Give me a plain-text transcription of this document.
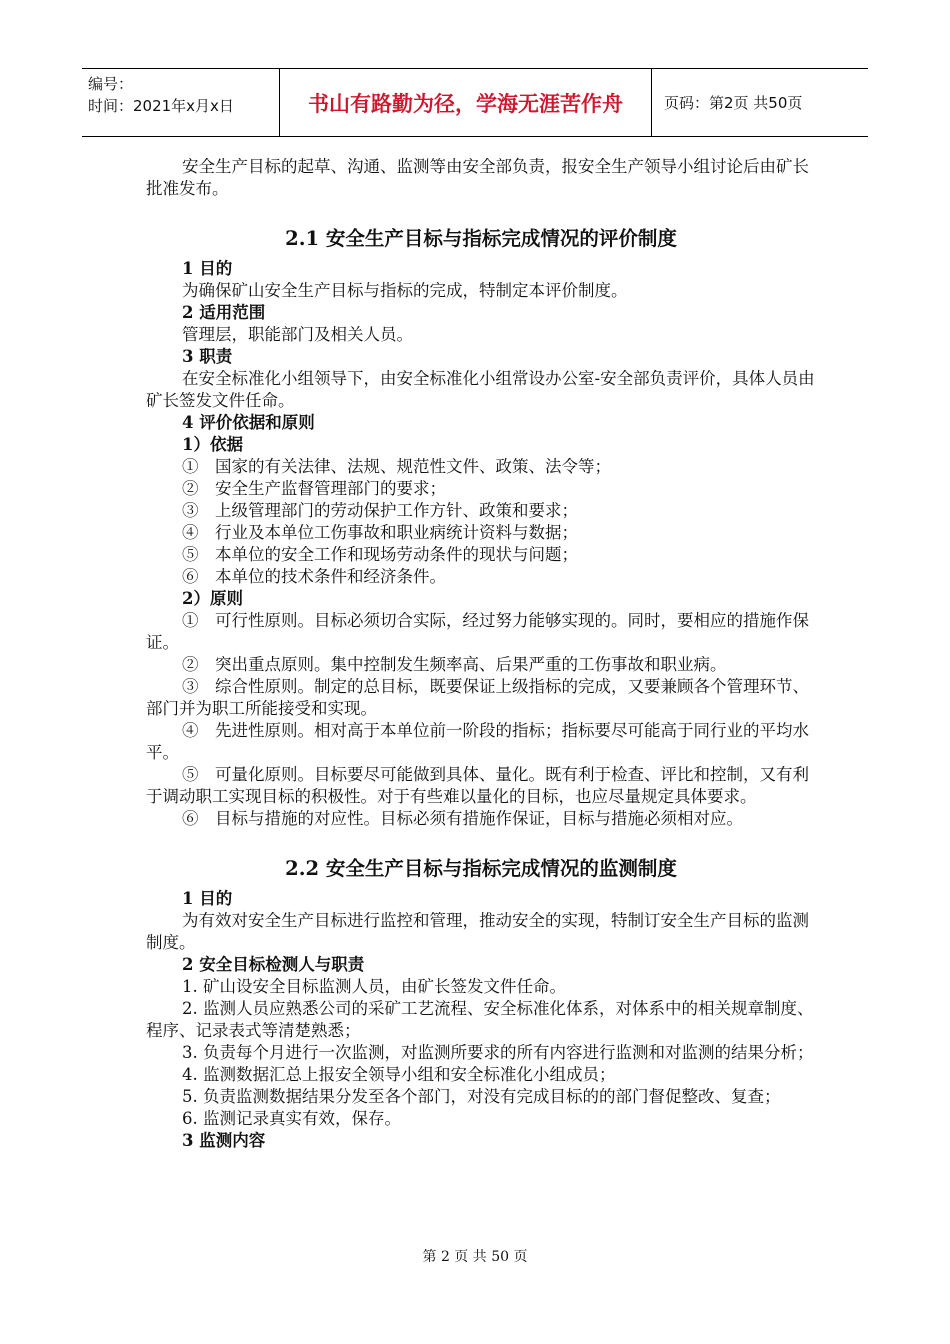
编号：
时间：2021年x月x日	书山有路勤为径，学海无涯苦作舟	页码：第2页 共50页

安全生产目标的起草、沟通、监测等由安全部负责，报安全生产领导小组讨论后由矿长批准发布。

2.1 安全生产目标与指标完成情况的评价制度

1 目的

为确保矿山安全生产目标与指标的完成，特制定本评价制度。

2 适用范围

管理层，职能部门及相关人员。

3 职责

在安全标准化小组领导下，由安全标准化小组常设办公室-安全部负责评价，具体人员由矿长签发文件任命。

4 评价依据和原则

1）依据

①　国家的有关法律、法规、规范性文件、政策、法令等；

②　安全生产监督管理部门的要求；

③　上级管理部门的劳动保护工作方针、政策和要求；

④　行业及本单位工伤事故和职业病统计资料与数据；

⑤　本单位的安全工作和现场劳动条件的现状与问题；

⑥　本单位的技术条件和经济条件。

2）原则

①　可行性原则。目标必须切合实际，经过努力能够实现的。同时，要相应的措施作保证。

②　突出重点原则。集中控制发生频率高、后果严重的工伤事故和职业病。

③　综合性原则。制定的总目标，既要保证上级指标的完成，又要兼顾各个管理环节、部门并为职工所能接受和实现。

④　先进性原则。相对高于本单位前一阶段的指标；指标要尽可能高于同行业的平均水平。

⑤　可量化原则。目标要尽可能做到具体、量化。既有利于检查、评比和控制，又有利于调动职工实现目标的积极性。对于有些难以量化的目标，也应尽量规定具体要求。

⑥　目标与措施的对应性。目标必须有措施作保证，目标与措施必须相对应。

2.2 安全生产目标与指标完成情况的监测制度

1 目的

为有效对安全生产目标进行监控和管理，推动安全的实现，特制订安全生产目标的监测制度。

2 安全目标检测人与职责

1. 矿山设安全目标监测人员，由矿长签发文件任命。

2. 监测人员应熟悉公司的采矿工艺流程、安全标准化体系，对体系中的相关规章制度、程序、记录表式等清楚熟悉；

3. 负责每个月进行一次监测，对监测所要求的所有内容进行监测和对监测的结果分析；

4. 监测数据汇总上报安全领导小组和安全标准化小组成员；

5. 负责监测数据结果分发至各个部门，对没有完成目标的的部门督促整改、复查；

6. 监测记录真实有效，保存。

3 监测内容

第 2 页 共 50 页
